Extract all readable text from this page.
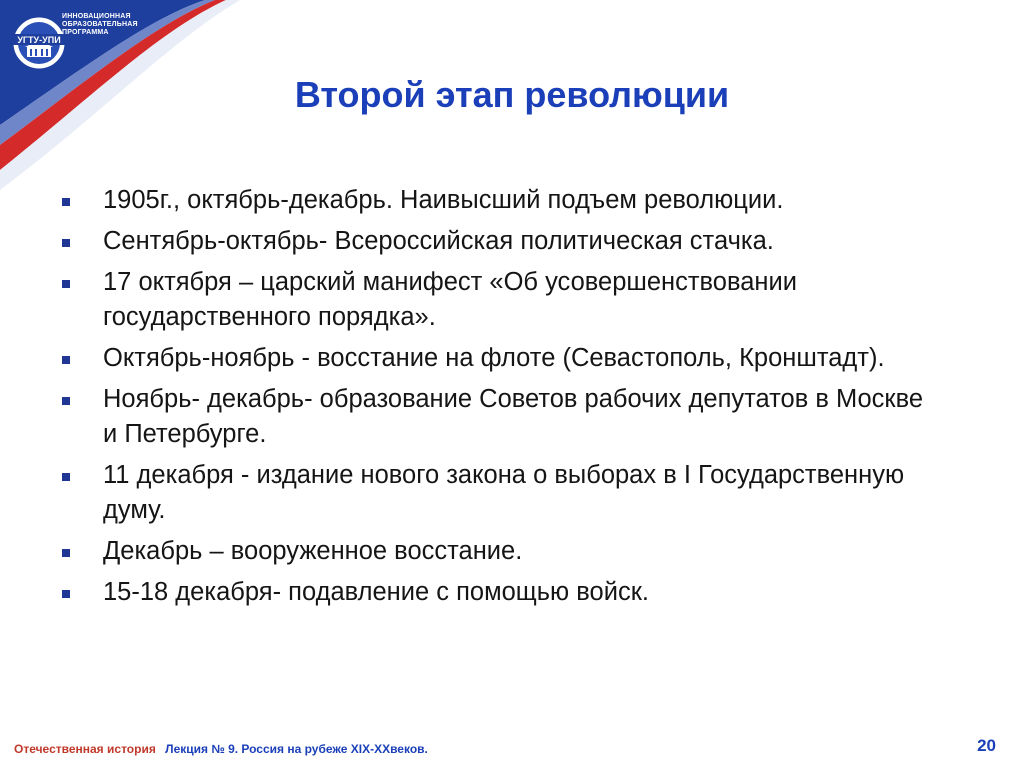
УГТУ-УПИ
ИННОВАЦИОННАЯ
ОБРАЗОВАТЕЛЬНАЯ
ПРОГРАММА
Второй этап революции
1905г., октябрь-декабрь. Наивысший подъем революции.
Сентябрь-октябрь- Всероссийская политическая стачка.
17 октября – царский манифест «Об усовершенствовании государственного порядка».
Октябрь-ноябрь - восстание на флоте (Севастополь, Кронштадт).
Ноябрь- декабрь- образование Советов рабочих депутатов в Москве и Петербурге.
11 декабря - издание нового закона о выборах в I Государственную думу.
Декабрь – вооруженное восстание.
15-18 декабря- подавление с помощью войск.
Отечественная история Лекция № 9. Россия на рубеже XIX-XXвеков.	20
